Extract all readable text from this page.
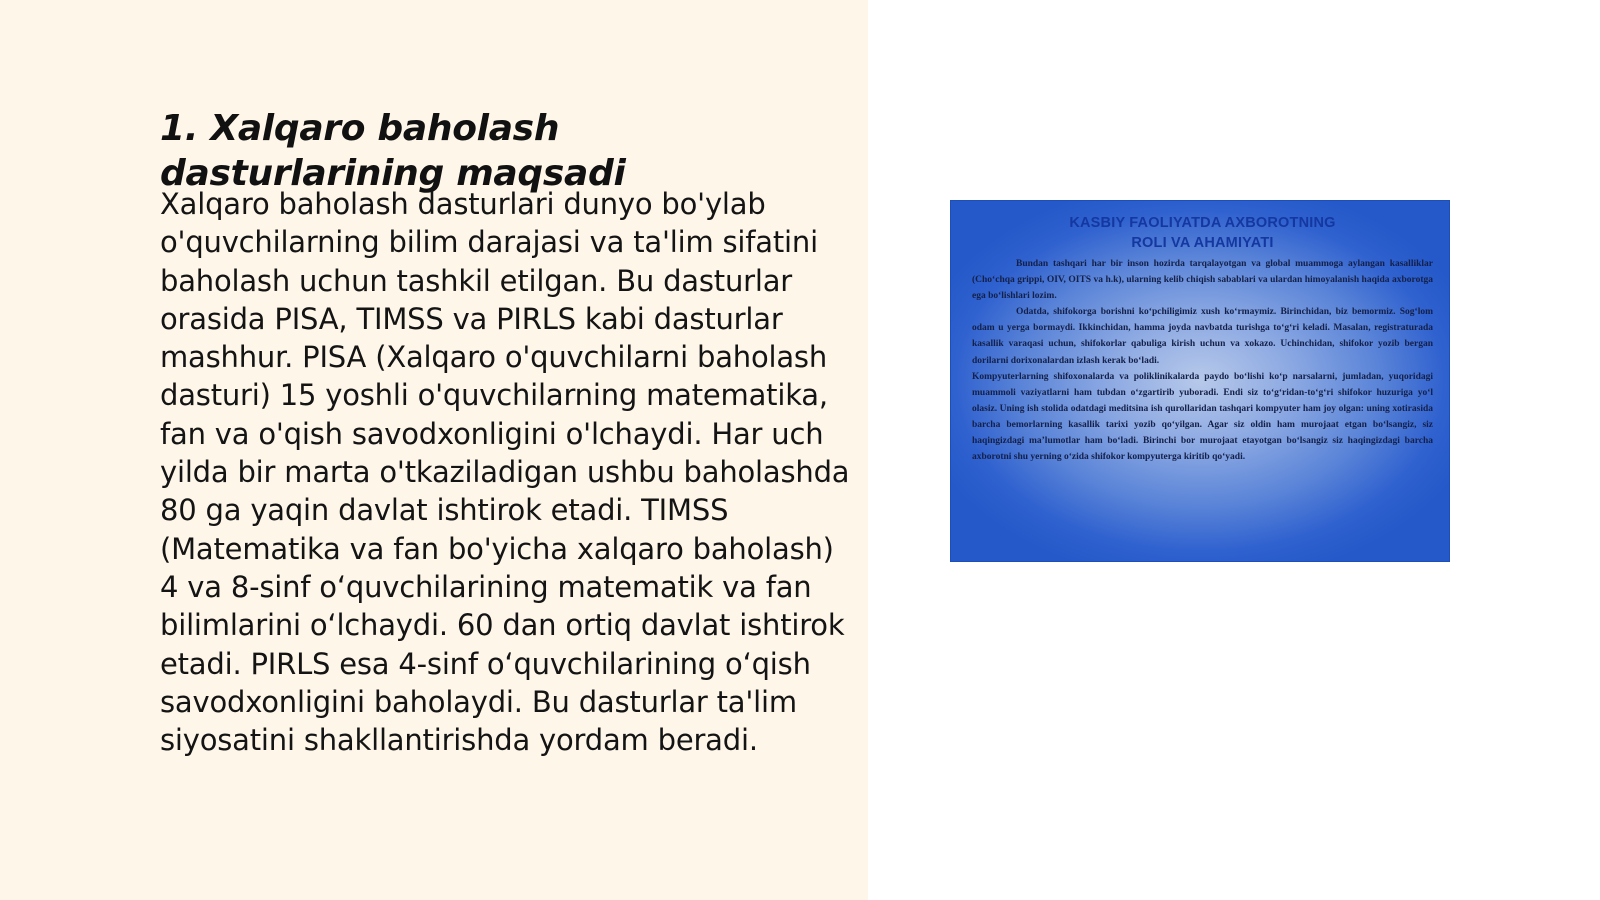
1. Xalqaro baholash dasturlarining maqsadi

Xalqaro baholash dasturlari dunyo bo'ylab o'quvchilarning bilim darajasi va ta'lim sifatini baholash uchun tashkil etilgan. Bu dasturlar orasida PISA, TIMSS va PIRLS kabi dasturlar mashhur. PISA (Xalqaro o'quvchilarni baholash dasturi) 15 yoshli o'quvchilarning matematika, fan va o'qish savodxonligini o'lchaydi. Har uch yilda bir marta o'tkaziladigan ushbu baholashda 80 ga yaqin davlat ishtirok etadi. TIMSS (Matematika va fan bo'yicha xalqaro baholash) 4 va 8-sinf oʻquvchilarining matematik va fan bilimlarini oʻlchaydi. 60 dan ortiq davlat ishtirok etadi. PIRLS esa 4-sinf oʻquvchilarining oʻqish savodxonligini baholaydi. Bu dasturlar ta'lim siyosatini shakllantirishda yordam beradi.

KASBIY FAOLIYATDA AXBOROTNING
ROLI VA AHAMIYATI

Bundan tashqari har bir inson hozirda tarqalayotgan va global muammoga aylangan kasalliklar (Cho‘chqa grippi, OIV, OITS va h.k), ularning kelib chiqish sabablari va ulardan himoyalanish haqida axborotga ega bo‘lishlari lozim.

Odatda, shifokorga borishni ko‘pchiligimiz xush ko‘rmaymiz. Birinchidan, biz bemormiz. Sog‘lom odam u yerga bormaydi. Ikkinchidan, hamma joyda navbatda turishga to‘g‘ri keladi. Masalan, registraturada kasallik varaqasi uchun, shifokorlar qabuliga kirish uchun va xokazo. Uchinchidan, shifokor yozib bergan dorilarni dorixonalardan izlash kerak bo‘ladi.

Kompyuterlarning shifoxonalarda va poliklinikalarda paydo bo‘lishi ko‘p narsalarni, jumladan, yuqoridagi muammoli vaziyatlarni ham tubdan o‘zgartirib yuboradi. Endi siz to‘g‘ridan-to‘g‘ri shifokor huzuriga yo‘l olasiz. Uning ish stolida odatdagi meditsina ish qurollaridan tashqari kompyuter ham joy olgan: uning xotirasida barcha bemorlarning kasallik tarixi yozib qo‘yilgan. Agar siz oldin ham murojaat etgan bo‘lsangiz, siz haqingizdagi ma’lumotlar ham bo‘ladi. Birinchi bor murojaat etayotgan bo‘lsangiz siz haqingizdagi barcha axborotni shu yerning o‘zida shifokor kompyuterga kiritib qo‘yadi.
